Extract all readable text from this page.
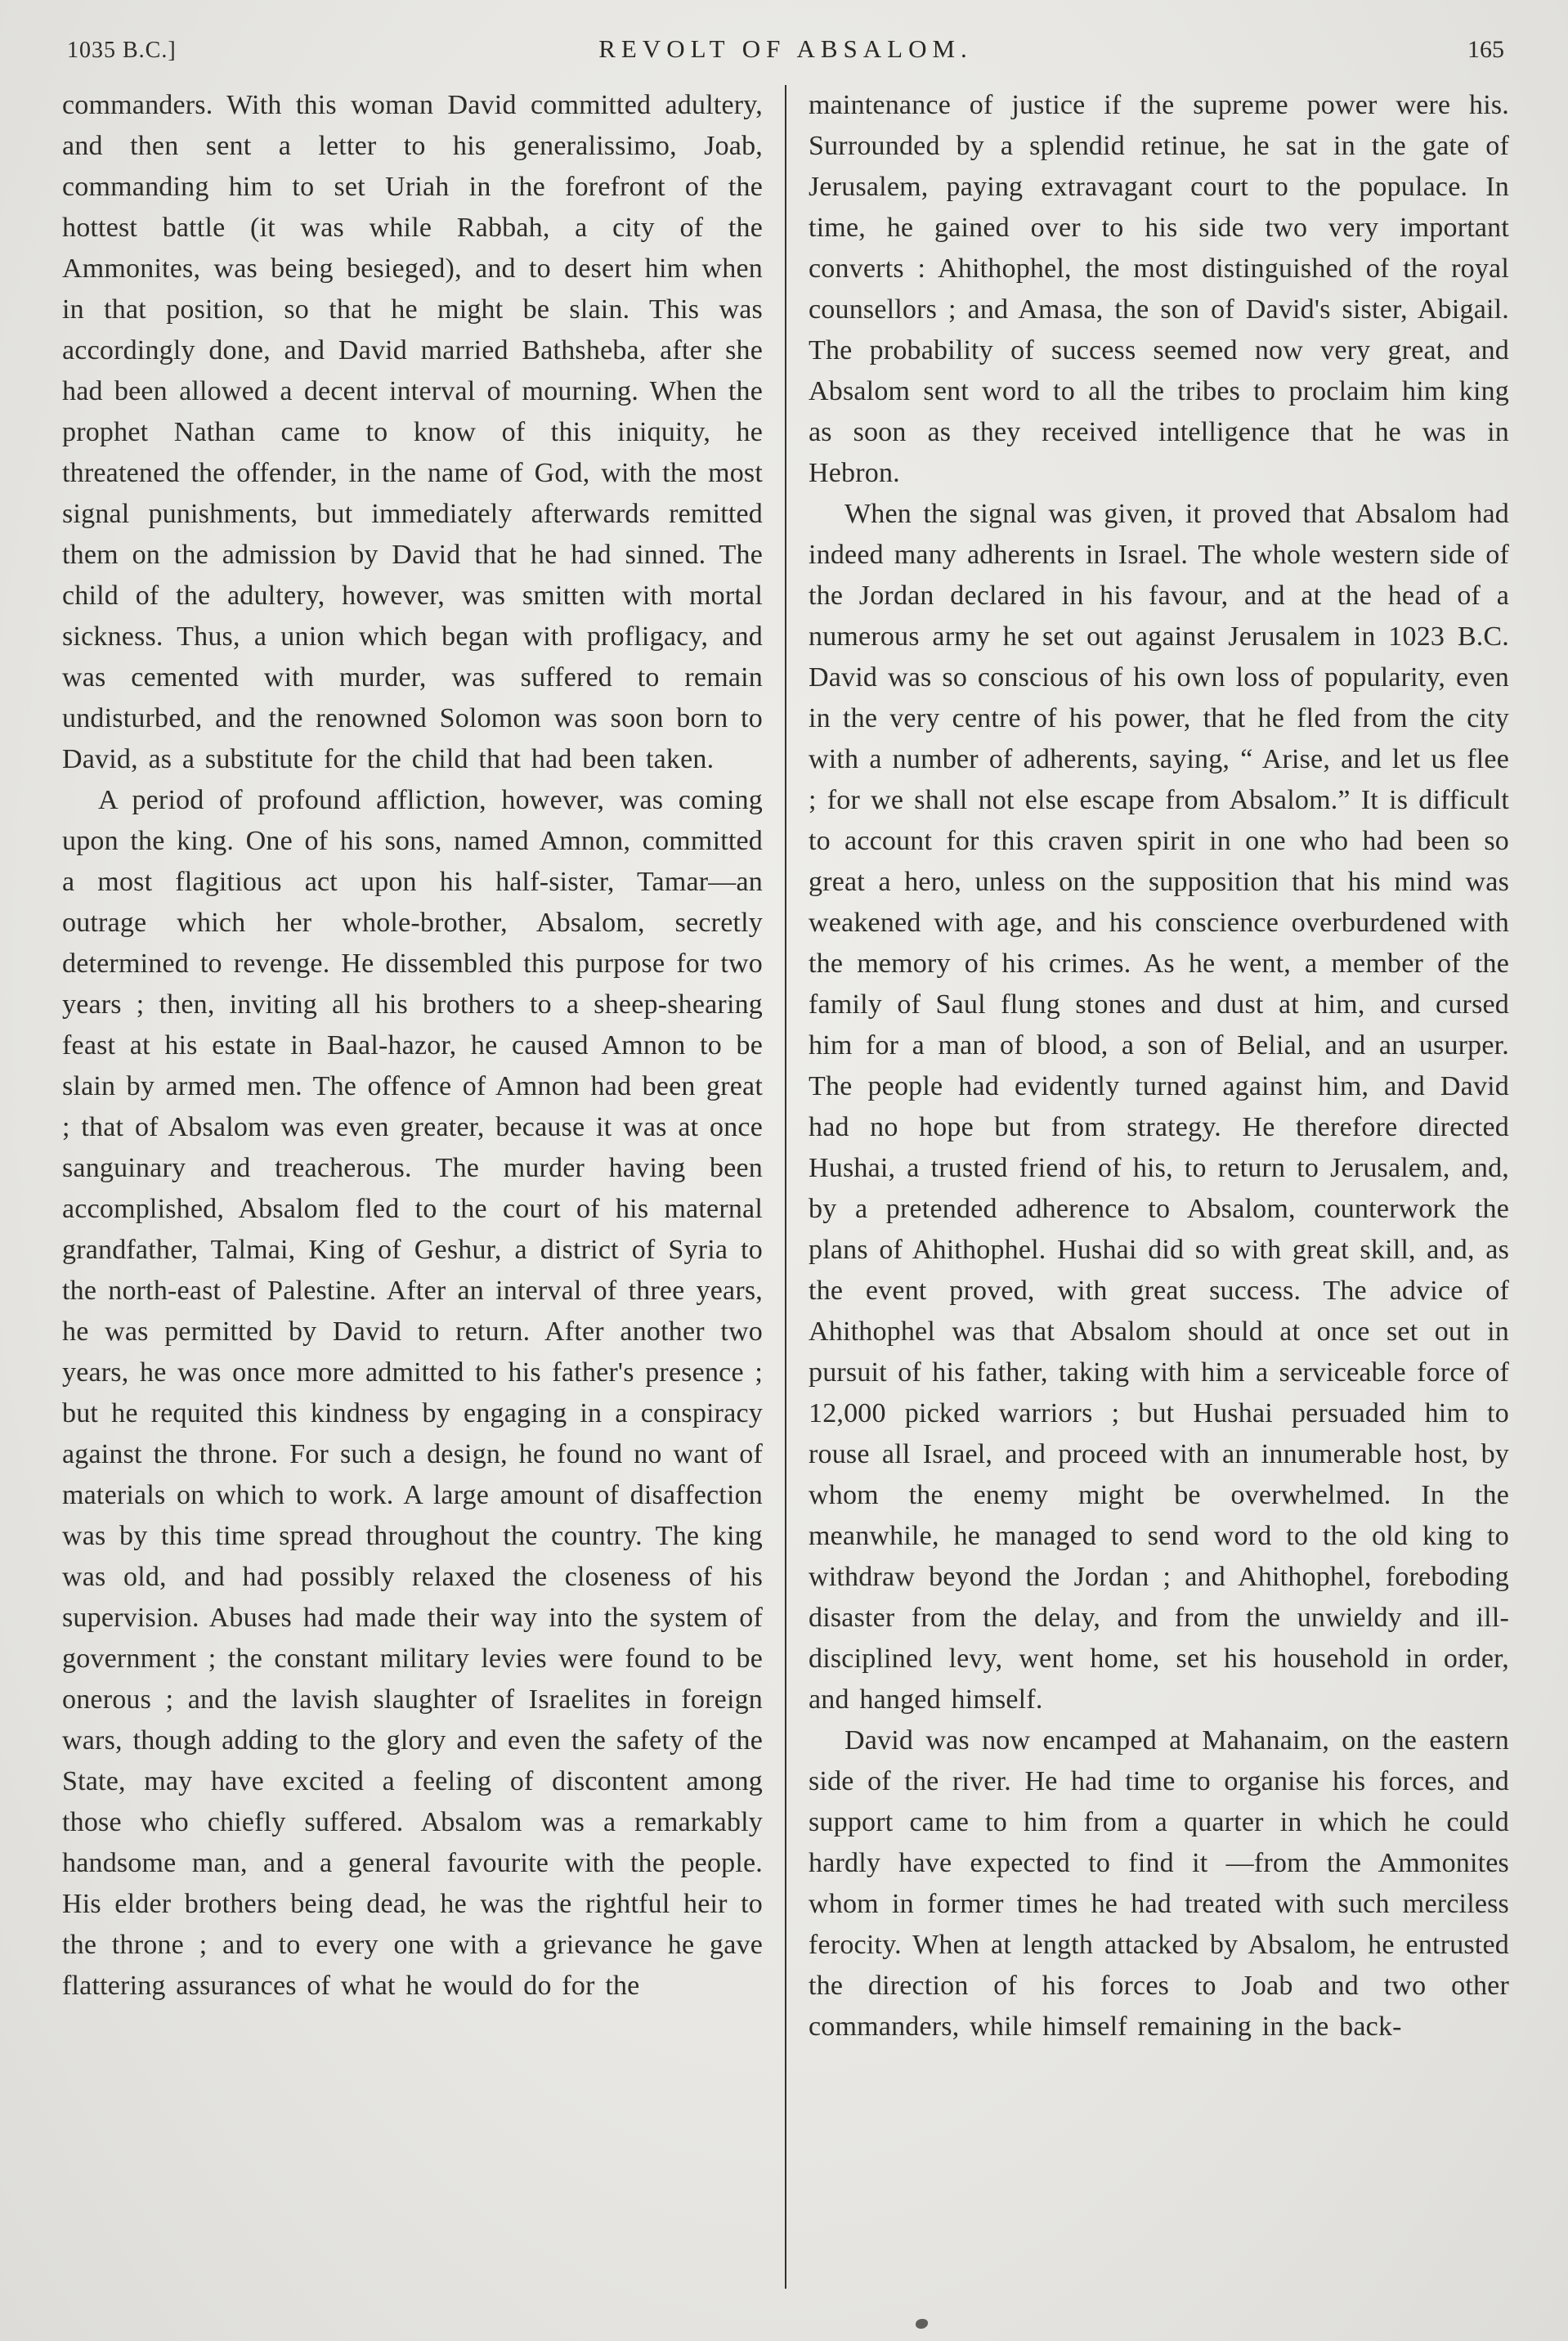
1035 B.C.]	REVOLT OF ABSALOM.	165

commanders. With this woman David committed adultery, and then sent a letter to his generalissimo, Joab, commanding him to set Uriah in the forefront of the hottest battle (it was while Rabbah, a city of the Ammonites, was being besieged), and to desert him when in that position, so that he might be slain. This was accordingly done, and David married Bathsheba, after she had been allowed a decent interval of mourning. When the prophet Nathan came to know of this iniquity, he threatened the offender, in the name of God, with the most signal punishments, but immediately afterwards remitted them on the admission by David that he had sinned. The child of the adultery, however, was smitten with mortal sickness. Thus, a union which began with profligacy, and was cemented with murder, was suffered to remain undisturbed, and the renowned Solomon was soon born to David, as a substitute for the child that had been taken.

A period of profound affliction, however, was coming upon the king. One of his sons, named Amnon, committed a most flagitious act upon his half-sister, Tamar—an outrage which her whole-brother, Absalom, secretly determined to revenge. He dissembled this purpose for two years ; then, inviting all his brothers to a sheep-shearing feast at his estate in Baal-hazor, he caused Amnon to be slain by armed men. The offence of Amnon had been great ; that of Absalom was even greater, because it was at once sanguinary and treacherous. The murder having been accomplished, Absalom fled to the court of his maternal grandfather, Talmai, King of Geshur, a district of Syria to the north-east of Palestine. After an interval of three years, he was permitted by David to return. After another two years, he was once more admitted to his father's presence ; but he requited this kindness by engaging in a conspiracy against the throne. For such a design, he found no want of materials on which to work. A large amount of disaffection was by this time spread throughout the country. The king was old, and had possibly relaxed the closeness of his supervision. Abuses had made their way into the system of government ; the constant military levies were found to be onerous ; and the lavish slaughter of Israelites in foreign wars, though adding to the glory and even the safety of the State, may have excited a feeling of discontent among those who chiefly suffered. Absalom was a remarkably handsome man, and a general favourite with the people. His elder brothers being dead, he was the rightful heir to the throne ; and to every one with a grievance he gave flattering assurances of what he would do for the

maintenance of justice if the supreme power were his. Surrounded by a splendid retinue, he sat in the gate of Jerusalem, paying extravagant court to the populace. In time, he gained over to his side two very important converts : Ahithophel, the most distinguished of the royal counsellors ; and Amasa, the son of David's sister, Abigail. The probability of success seemed now very great, and Absalom sent word to all the tribes to proclaim him king as soon as they received intelligence that he was in Hebron.

When the signal was given, it proved that Absalom had indeed many adherents in Israel. The whole western side of the Jordan declared in his favour, and at the head of a numerous army he set out against Jerusalem in 1023 B.C. David was so conscious of his own loss of popularity, even in the very centre of his power, that he fled from the city with a number of adherents, saying, “ Arise, and let us flee ; for we shall not else escape from Absalom.” It is difficult to account for this craven spirit in one who had been so great a hero, unless on the supposition that his mind was weakened with age, and his conscience overburdened with the memory of his crimes. As he went, a member of the family of Saul flung stones and dust at him, and cursed him for a man of blood, a son of Belial, and an usurper. The people had evidently turned against him, and David had no hope but from strategy. He therefore directed Hushai, a trusted friend of his, to return to Jerusalem, and, by a pretended adherence to Absalom, counterwork the plans of Ahithophel. Hushai did so with great skill, and, as the event proved, with great success. The advice of Ahithophel was that Absalom should at once set out in pursuit of his father, taking with him a serviceable force of 12,000 picked warriors ; but Hushai persuaded him to rouse all Israel, and proceed with an innumerable host, by whom the enemy might be overwhelmed. In the meanwhile, he managed to send word to the old king to withdraw beyond the Jordan ; and Ahithophel, foreboding disaster from the delay, and from the unwieldy and ill-disciplined levy, went home, set his household in order, and hanged himself.

David was now encamped at Mahanaim, on the eastern side of the river. He had time to organise his forces, and support came to him from a quarter in which he could hardly have expected to find it —from the Ammonites whom in former times he had treated with such merciless ferocity. When at length attacked by Absalom, he entrusted the direction of his forces to Joab and two other commanders, while himself remaining in the back-
